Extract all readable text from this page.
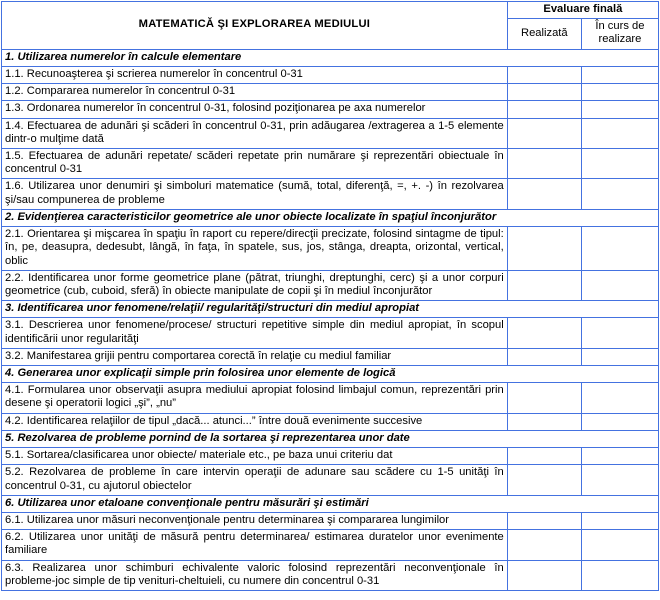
MATEMATICĂ ŞI EXPLORAREA MEDIULUI	Evaluare finală	
	Realizată	În curs de realizare
1. Utilizarea numerelor în calcule elementare		
1.1. Recunoaşterea şi scrierea numerelor în concentrul 0-31		
1.2. Compararea numerelor în concentrul 0-31		
1.3. Ordonarea numerelor în concentrul 0-31, folosind poziţionarea pe axa numerelor		
1.4. Efectuarea de adunări şi scăderi în concentrul 0-31, prin adăugarea /extragerea a 1-5 elemente dintr-o mulţime dată		
1.5. Efectuarea de adunări repetate/ scăderi repetate prin numărare şi reprezentări obiectuale în concentrul 0-31		
1.6. Utilizarea unor denumiri şi simboluri matematice (sumă, total, diferenţă, =, +. -) în rezolvarea şi/sau compunerea de probleme		
2. Evidenţierea caracteristicilor geometrice ale unor obiecte localizate în spaţiul înconjurător		
2.1. Orientarea şi mişcarea în spaţiu în raport cu repere/direcţii precizate, folosind sintagme de tipul: în, pe, deasupra, dedesubt, lângă, în faţa, în spatele, sus, jos, stânga, dreapta, orizontal, vertical, oblic		
2.2. Identificarea unor forme geometrice plane (pătrat, triunghi, dreptunghi, cerc) şi a unor corpuri geometrice (cub, cuboid, sferă) în obiecte manipulate de copii şi în mediul înconjurător		
3. Identificarea unor fenomene/relaţii/ regularităţi/structuri din mediul apropiat		
3.1. Descrierea unor fenomene/procese/ structuri repetitive simple din mediul apropiat, în scopul identificării unor regularităţi		
3.2. Manifestarea grijii pentru comportarea corectă în relaţie cu mediul familiar		
4. Generarea unor explicaţii simple prin folosirea unor elemente de logică		
4.1. Formularea unor observaţii asupra mediului apropiat folosind limbajul comun, reprezentări prin desene şi operatorii logici „şi”, „nu”		
4.2. Identificarea relaţiilor de tipul „dacă... atunci...” între două evenimente succesive		
5. Rezolvarea de probleme pornind de la sortarea şi reprezentarea unor date		
5.1. Sortarea/clasificarea unor obiecte/ materiale etc., pe baza unui criteriu dat		
5.2. Rezolvarea de probleme în care intervin operaţii de adunare sau scădere cu 1-5 unităţi în concentrul 0-31, cu ajutorul obiectelor		
6. Utilizarea unor etaloane convenţionale pentru măsurări şi estimări		
6.1. Utilizarea unor măsuri neconvenţionale pentru determinarea şi compararea lungimilor		
6.2. Utilizarea unor unităţi de măsură pentru determinarea/ estimarea duratelor unor evenimente familiare		
6.3. Realizarea unor schimburi echivalente valoric folosind reprezentări neconvenţionale în probleme-joc simple de tip venituri-cheltuieli, cu numere din concentrul 0-31		
